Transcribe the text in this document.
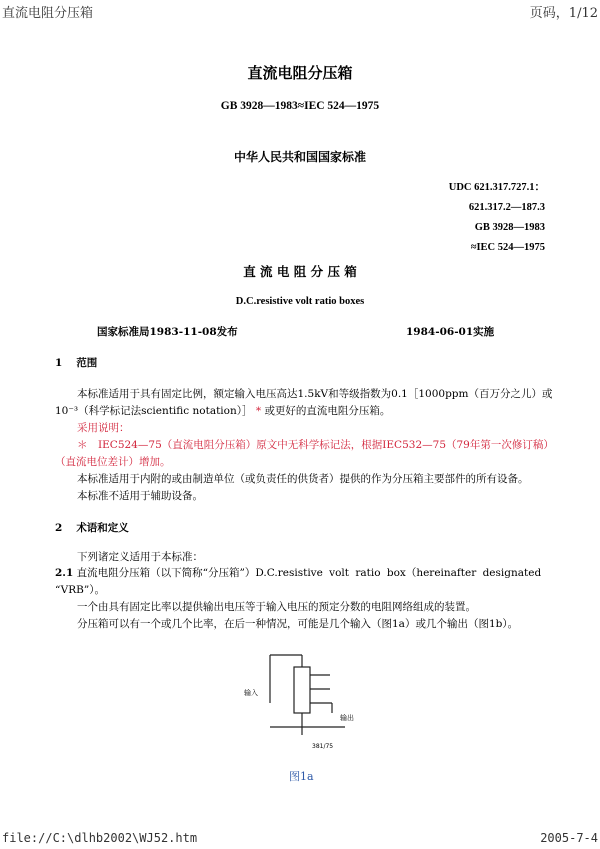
直流电阻分压箱	页码，1/12
直流电阻分压箱
GB 3928—1983≈IEC 524—1975
中华人民共和国国家标准
UDC 621.317.727.1：
621.317.2—187.3
GB 3928—1983
≈IEC 524—1975
直 流 电 阻 分 压 箱
D.C.resistive volt ratio boxes
国家标准局1983-11-08发布	1984-06-01实施
1 范围
本标准适用于具有固定比例，额定输入电压高达1.5kV和等级指数为0.1［1000ppm（百万分之儿）或
10⁻³（科学标记法scientific notation）］ * 或更好的直流电阻分压箱。
采用说明：
＊　IEC524—75（直流电阻分压箱）原文中无科学标记法，根据IEC532—75（79年第一次修订稿）
（直流电位差计）增加。
本标准适用于内附的或由制造单位（或负责任的供货者）提供的作为分压箱主要部件的所有设备。
本标准不适用于辅助设备。
2 术语和定义
下列诸定义适用于本标准：
2.1 直流电阻分压箱（以下简称“分压箱”）D.C.resistive volt ratio box（hereinafter designated
“VRB”）。
一个由具有固定比率以提供输出电压等于输入电压的预定分数的电阻网络组成的装置。
分压箱可以有一个或几个比率，在后一种情况，可能是几个输入（图1a）或几个输出（图1b）。
输入
输出
381/75
图1a
file://C:\dlhb2002\WJ52.htm	2005-7-4
